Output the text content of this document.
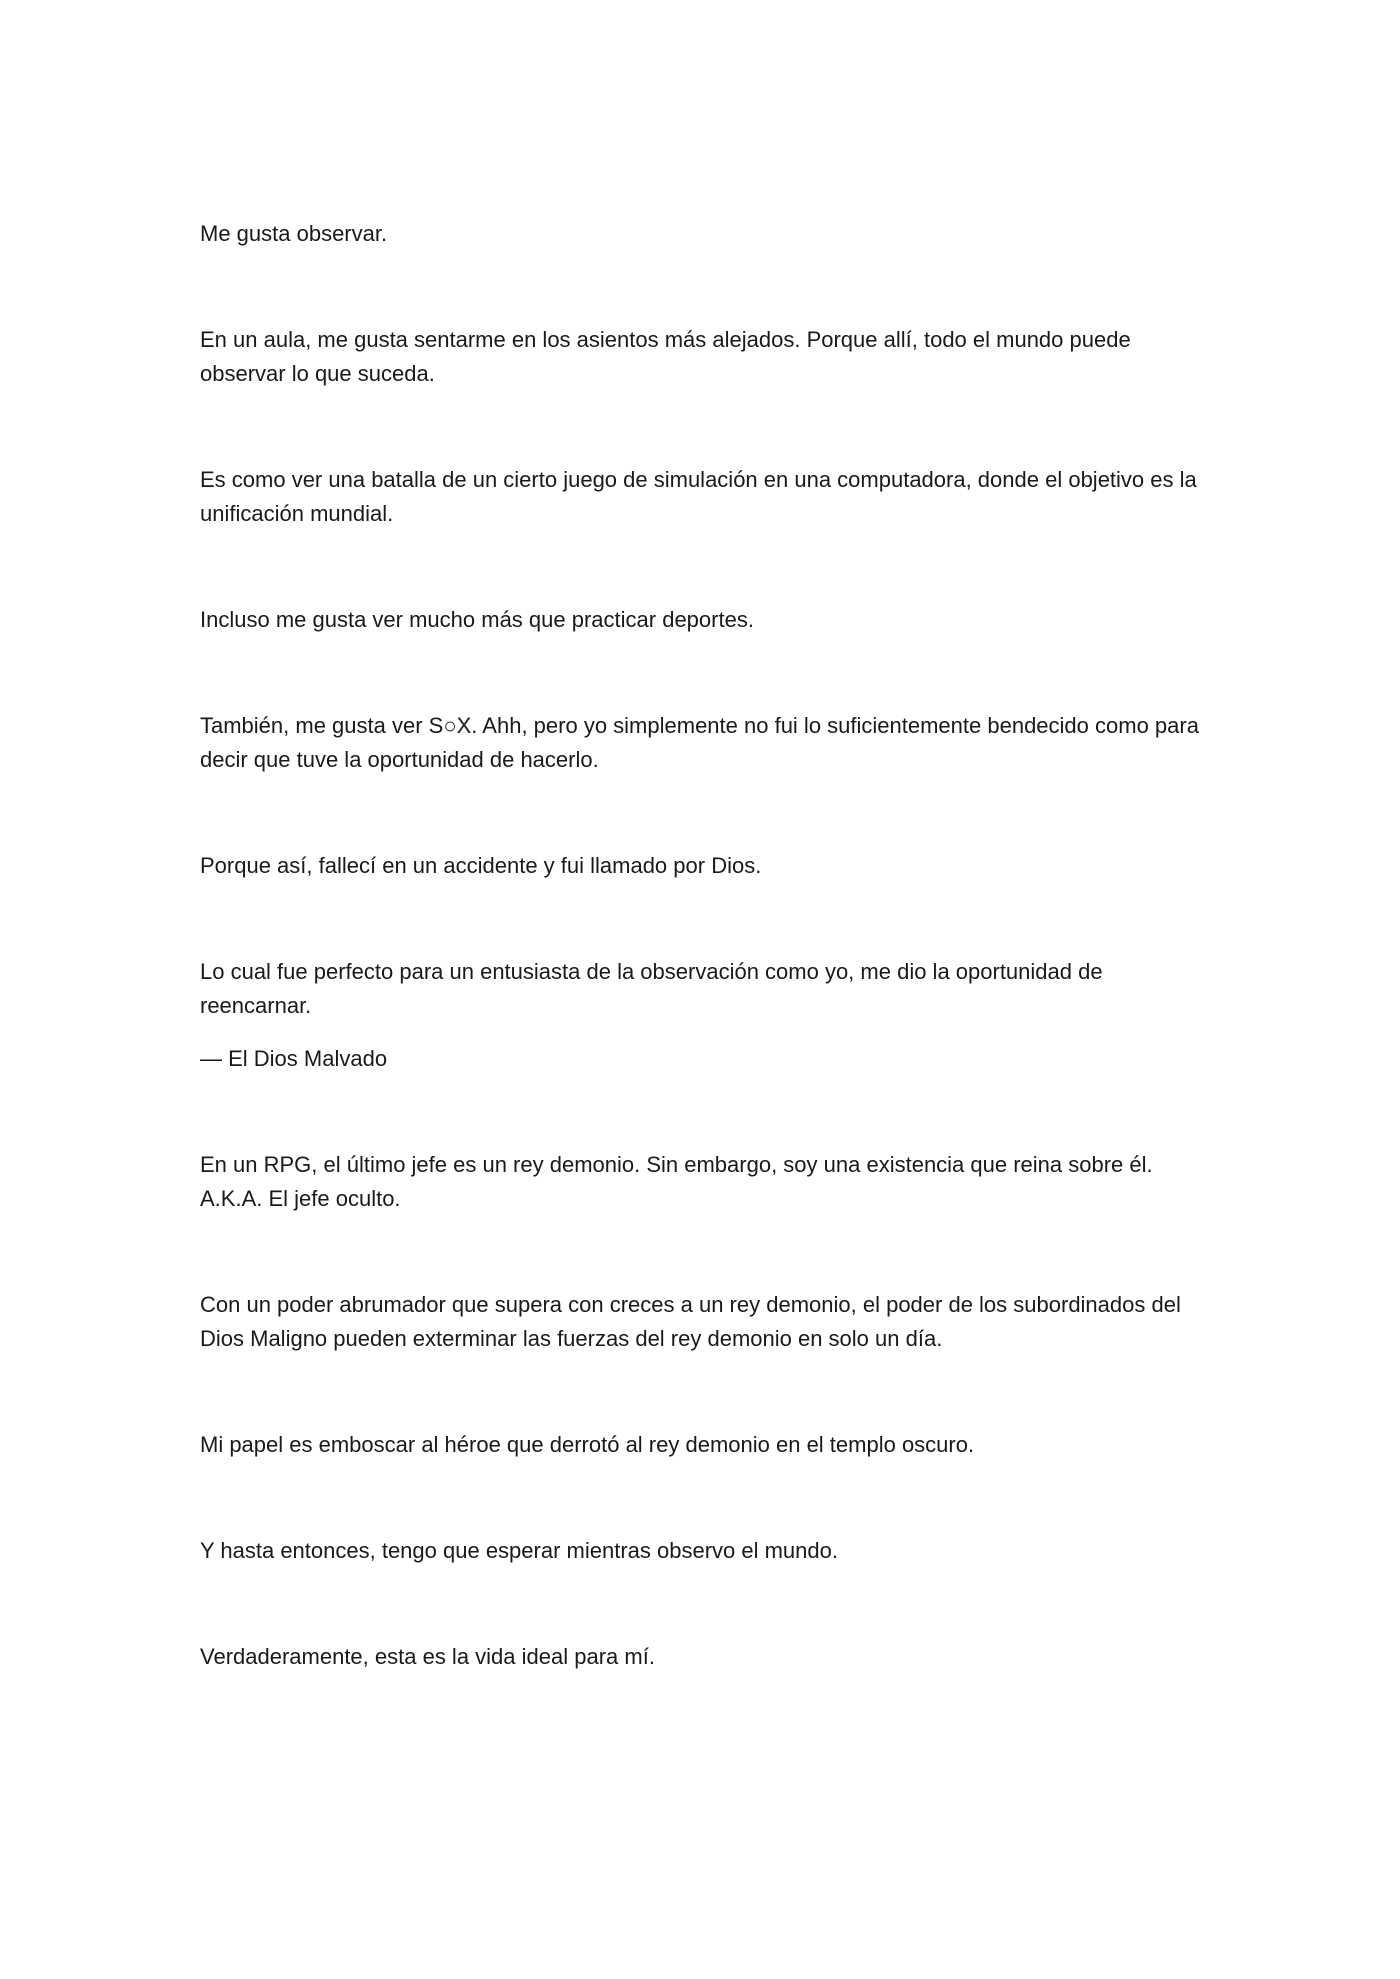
Me gusta observar.

En un aula, me gusta sentarme en los asientos más alejados. Porque allí, todo el mundo puede observar lo que suceda.

Es como ver una batalla de un cierto juego de simulación en una computadora, donde el objetivo es la unificación mundial.

Incluso me gusta ver mucho más que practicar deportes.

También, me gusta ver S○X. Ahh, pero yo simplemente no fui lo suficientemente bendecido como para decir que tuve la oportunidad de hacerlo.

Porque así, fallecí en un accidente y fui llamado por Dios.

Lo cual fue perfecto para un entusiasta de la observación como yo, me dio la oportunidad de reencarnar.

— El Dios Malvado

En un RPG, el último jefe es un rey demonio. Sin embargo, soy una existencia que reina sobre él. A.K.A. El jefe oculto.

Con un poder abrumador que supera con creces a un rey demonio, el poder de los subordinados del Dios Maligno pueden exterminar las fuerzas del rey demonio en solo un día.

Mi papel es emboscar al héroe que derrotó al rey demonio en el templo oscuro.

Y hasta entonces, tengo que esperar mientras observo el mundo.

Verdaderamente, esta es la vida ideal para mí.
